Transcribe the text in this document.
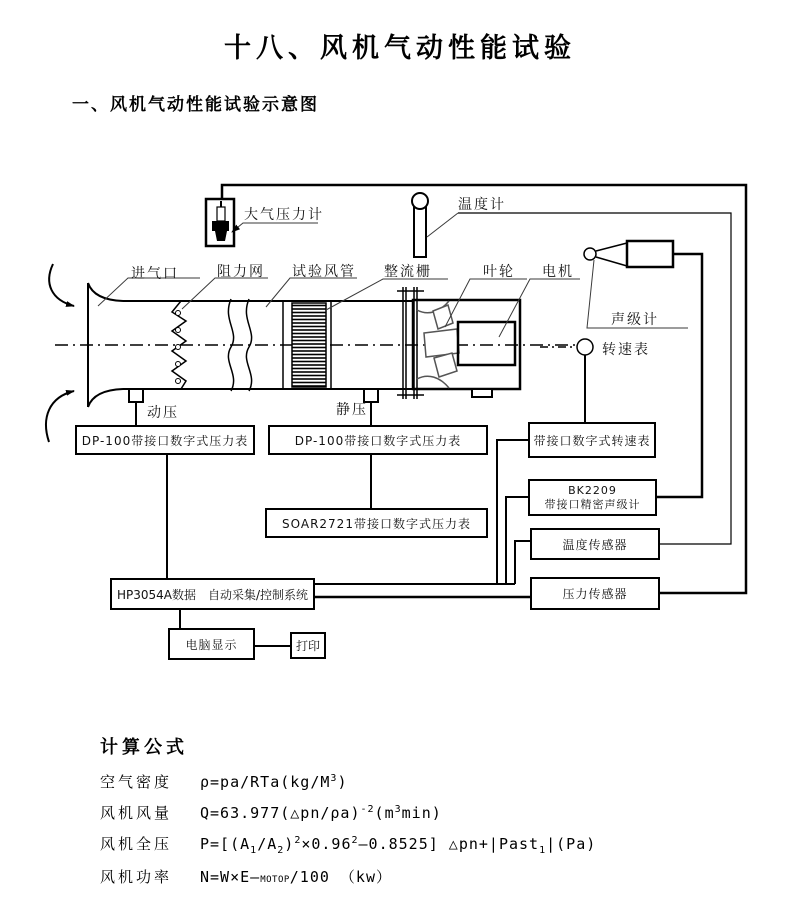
十八、风机气动性能试验
一、风机气动性能试验示意图
大气压力计
温度计
进气口	阻力网 试验风管 整流栅	叶轮 电机
声级计
转速表
动压	静压
DP-100带接口数字式压力表	DP-100带接口数字式压力表	带接口数字式转速表
BK2209
带接口精密声级计
SOAR2721带接口数字式压力表
温度传感器
压力传感器
HP3054A数据　自动采集/控制系统
电脑显示	打印
计算公式
空气密度	$\rho=pa/RTa(kg/M^3)$
风机风量	$Q=63.977(\triangle pn/\rho a)^{-2}(m^3\min)$
风机全压	$P=[(A_1/A_2)^2\times 0.96^2—0.8525]$ △pn+|Past$_1$|(Pa)
风机功率	N=W×E—MOTOP/100 （kw）
